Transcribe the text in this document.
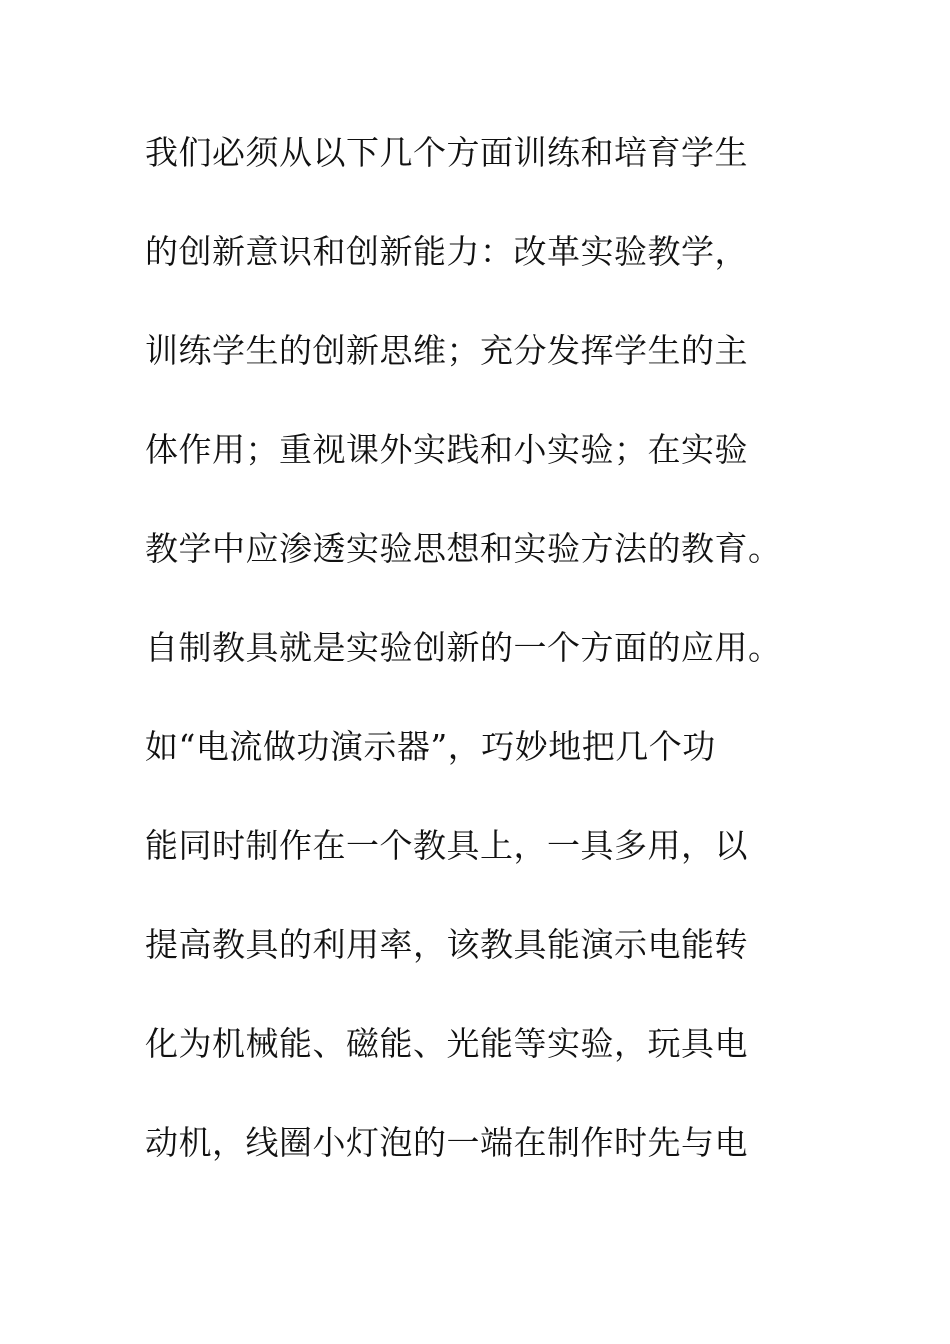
我们必须从以下几个方面训练和培育学生
的创新意识和创新能力：改革实验教学，
训练学生的创新思维；充分发挥学生的主
体作用；重视课外实践和小实验；在实验
教学中应渗透实验思想和实验方法的教育。
自制教具就是实验创新的一个方面的应用。
如“电流做功演示器”，巧妙地把几个功
能同时制作在一个教具上，一具多用，以
提高教具的利用率，该教具能演示电能转
化为机械能、磁能、光能等实验，玩具电
动机，线圈小灯泡的一端在制作时先与电
